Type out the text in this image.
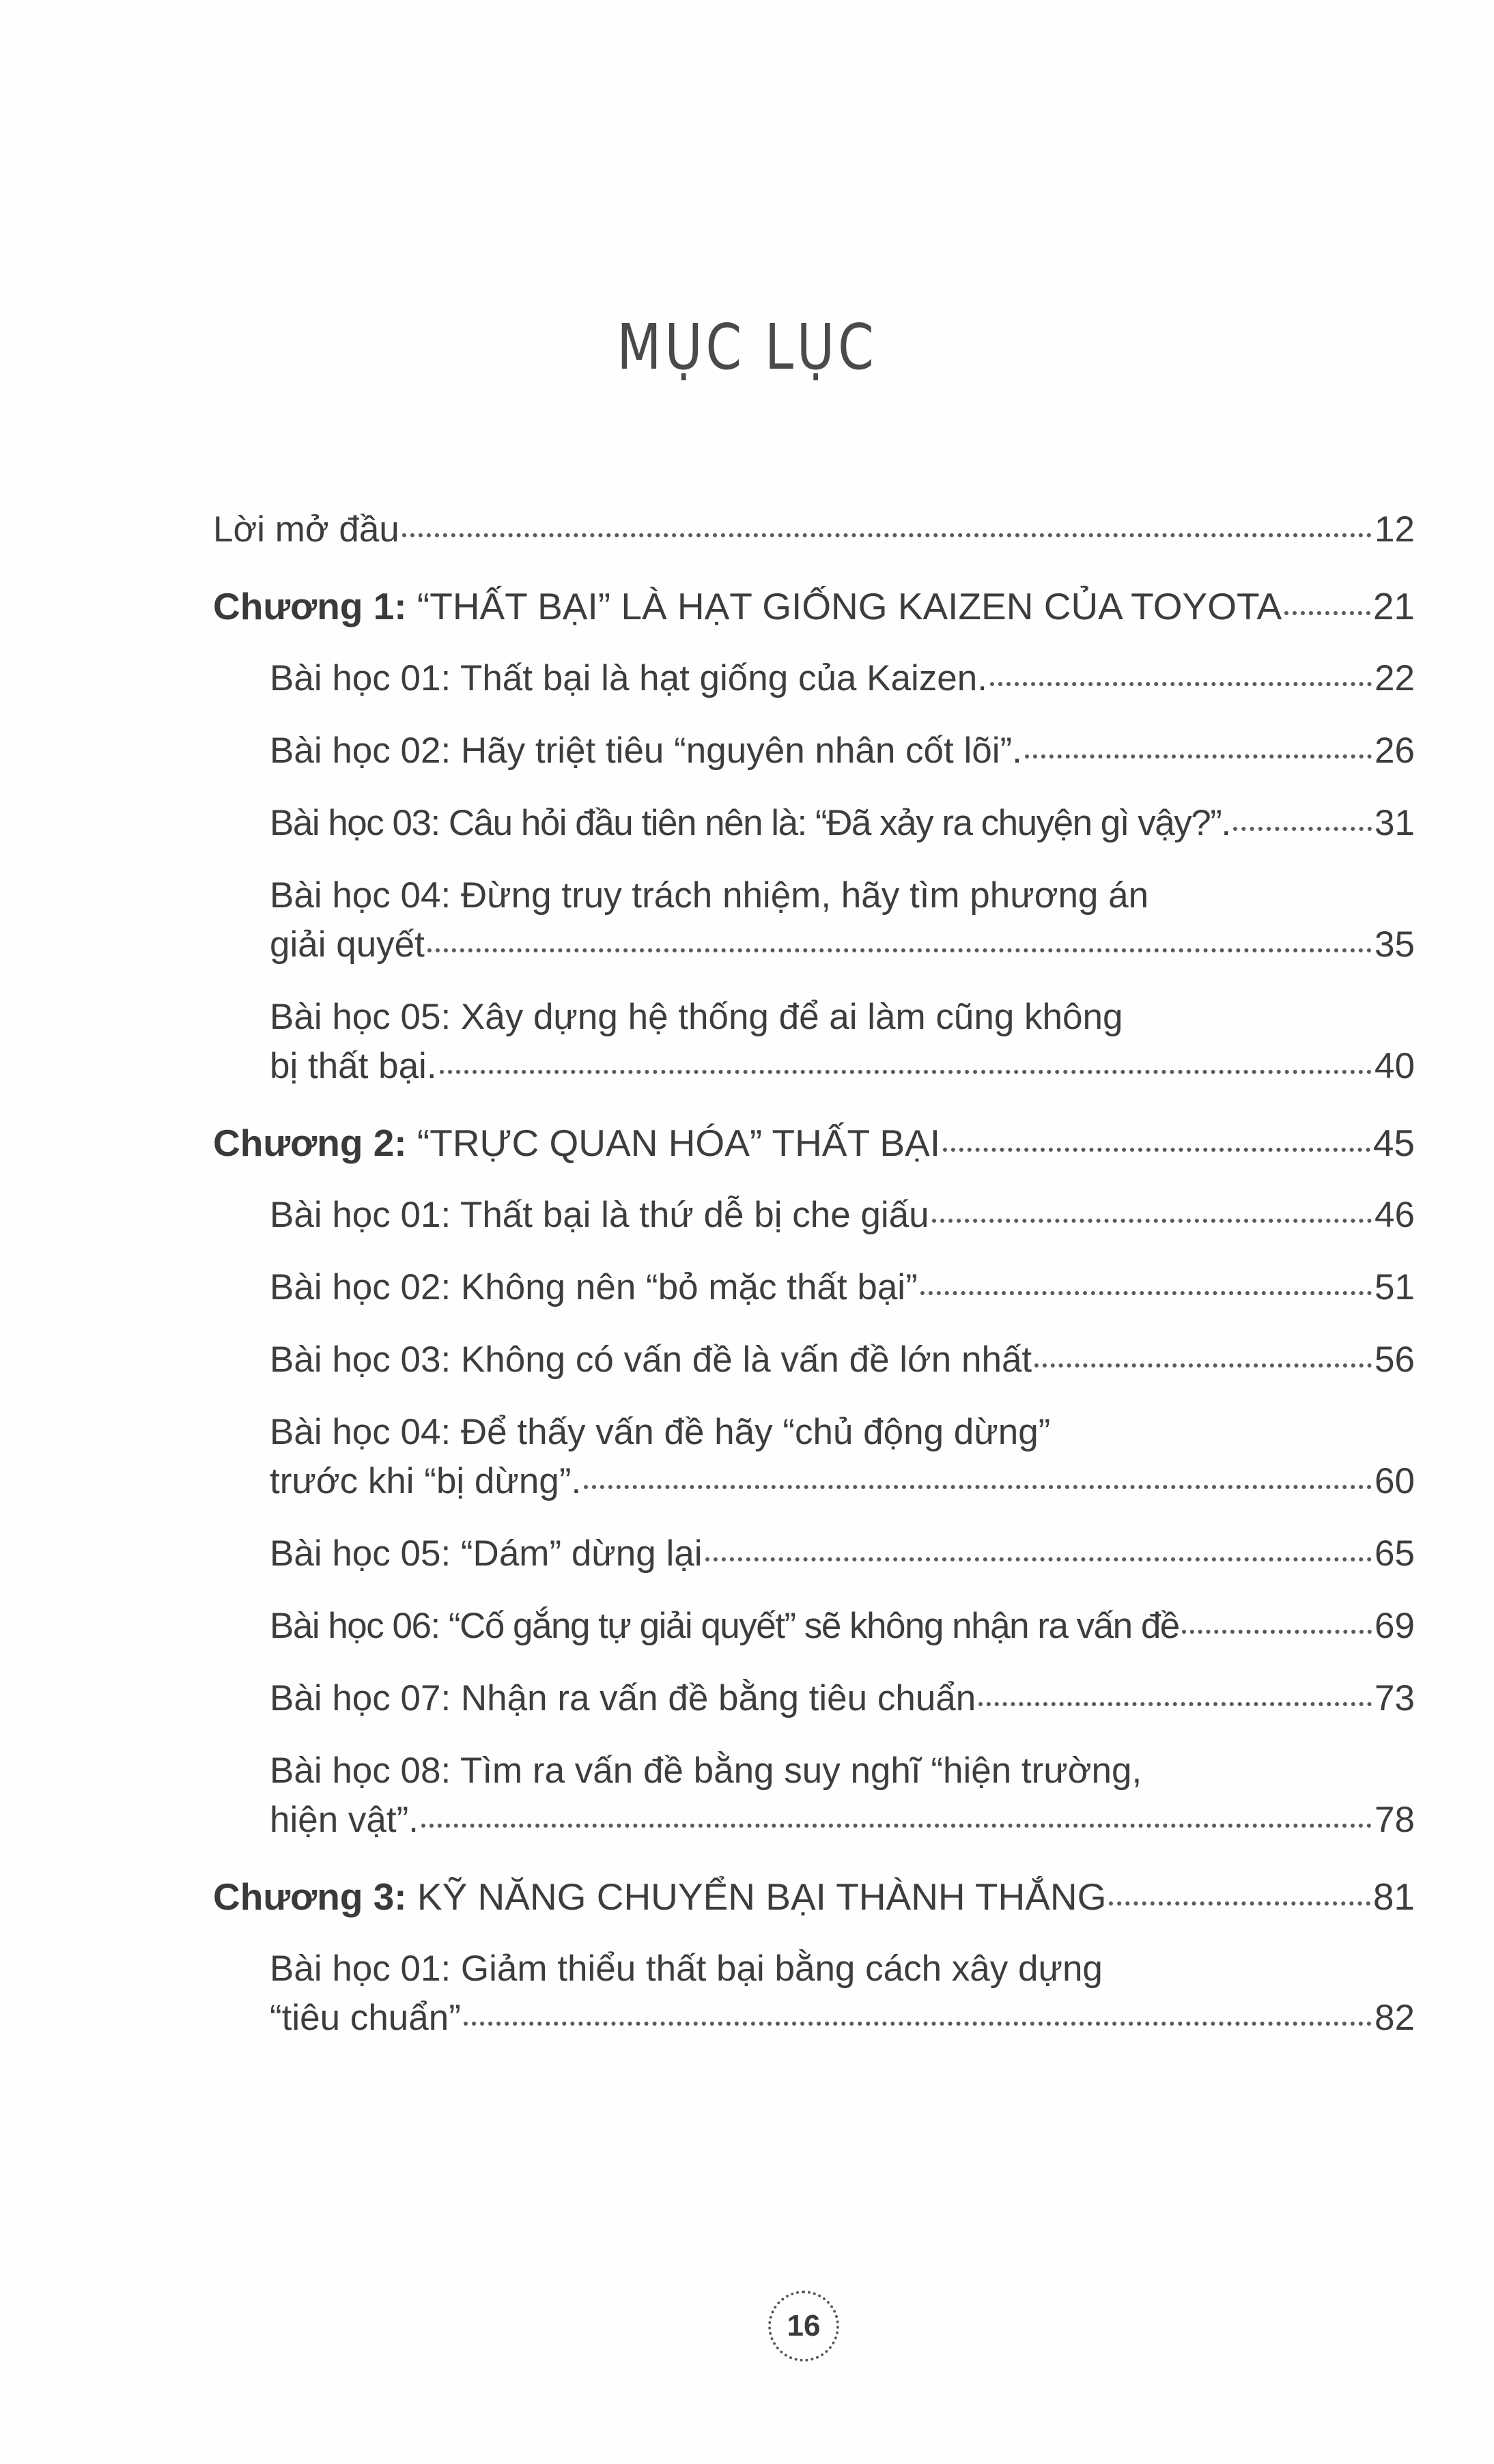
MỤC LỤC
Lời mở đầu	12
Chương 1: “THẤT BẠI” LÀ HẠT GIỐNG KAIZEN CỦA TOYOTA 21
Bài học 01: Thất bại là hạt giống của Kaizen.	22
Bài học 02: Hãy triệt tiêu “nguyên nhân cốt lõi”.	26
Bài học 03: Câu hỏi đầu tiên nên là: “Đã xảy ra chuyện gì vậy?”.	31
Bài học 04: Đừng truy trách nhiệm, hãy tìm phương án
giải quyết	35
Bài học 05: Xây dựng hệ thống để ai làm cũng không
bị thất bại.	40
Chương 2: “TRỰC QUAN HÓA” THẤT BẠI	45
Bài học 01: Thất bại là thứ dễ bị che giấu	46
Bài học 02: Không nên “bỏ mặc thất bại”	51
Bài học 03: Không có vấn đề là vấn đề lớn nhất	56
Bài học 04: Để thấy vấn đề hãy “chủ động dừng”
trước khi “bị dừng”.	60
Bài học 05: “Dám” dừng lại	65
Bài học 06: “Cố gắng tự giải quyết” sẽ không nhận ra vấn đề	69
Bài học 07: Nhận ra vấn đề bằng tiêu chuẩn	73
Bài học 08: Tìm ra vấn đề bằng suy nghĩ “hiện trường,
hiện vật”.	78
Chương 3: KỸ NĂNG CHUYỂN BẠI THÀNH THẮNG	81
Bài học 01: Giảm thiểu thất bại bằng cách xây dựng
“tiêu chuẩn”	82
16
